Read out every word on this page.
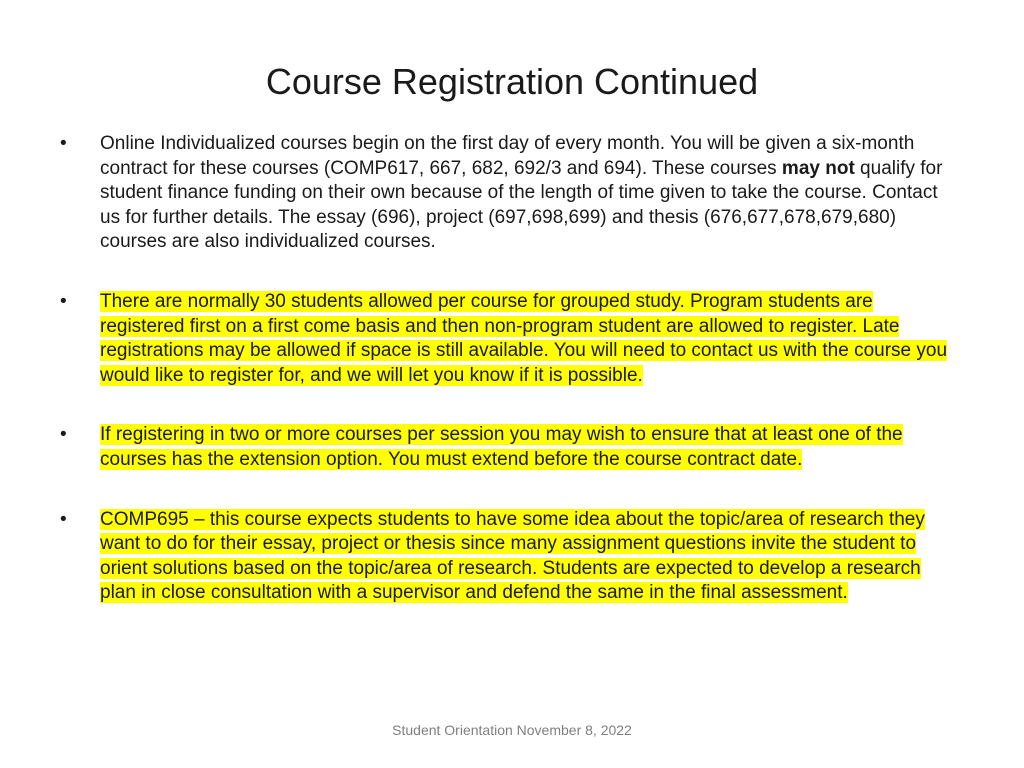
Course Registration Continued
• Online Individualized courses begin on the first day of every month. You will be given a six-month contract for these courses (COMP617, 667, 682, 692/3 and 694). These courses may not qualify for student finance funding on their own because of the length of time given to take the course. Contact us for further details. The essay (696), project (697,698,699) and thesis (676,677,678,679,680) courses are also individualized courses.
• There are normally 30 students allowed per course for grouped study. Program students are registered first on a first come basis and then non-program student are allowed to register. Late registrations may be allowed if space is still available. You will need to contact us with the course you would like to register for, and we will let you know if it is possible.
• If registering in two or more courses per session you may wish to ensure that at least one of the courses has the extension option. You must extend before the course contract date.
• COMP695 – this course expects students to have some idea about the topic/area of research they want to do for their essay, project or thesis since many assignment questions invite the student to orient solutions based on the topic/area of research. Students are expected to develop a research plan in close consultation with a supervisor and defend the same in the final assessment.
Student Orientation November 8, 2022
